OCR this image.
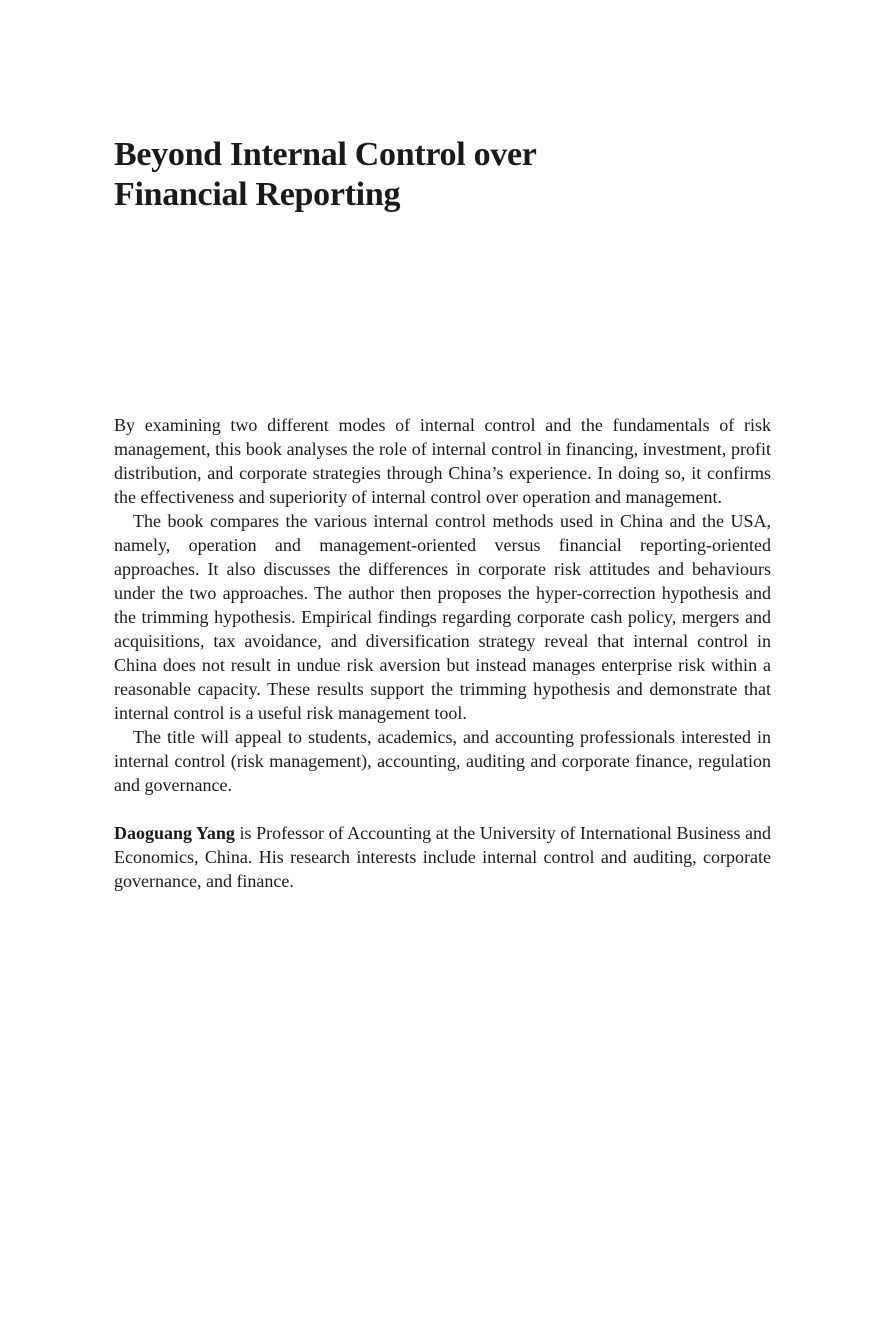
Beyond Internal Control over
Financial Reporting

By examining two different modes of internal control and the fundamentals of risk management, this book analyses the role of internal control in financing, investment, profit distribution, and corporate strategies through China’s experience. In doing so, it confirms the effectiveness and superiority of internal control over operation and management.

The book compares the various internal control methods used in China and the USA, namely, operation and management-oriented versus financial reporting-oriented approaches. It also discusses the differences in corporate risk attitudes and behaviours under the two approaches. The author then proposes the hyper-correction hypothesis and the trimming hypothesis. Empirical findings regarding corporate cash policy, mergers and acquisitions, tax avoidance, and diversification strategy reveal that internal control in China does not result in undue risk aversion but instead manages enterprise risk within a reasonable capacity. These results support the trimming hypothesis and demonstrate that internal control is a useful risk management tool.

The title will appeal to students, academics, and accounting professionals interested in internal control (risk management), accounting, auditing and corporate finance, regulation and governance.

Daoguang Yang is Professor of Accounting at the University of International Business and Economics, China. His research interests include internal control and auditing, corporate governance, and finance.
